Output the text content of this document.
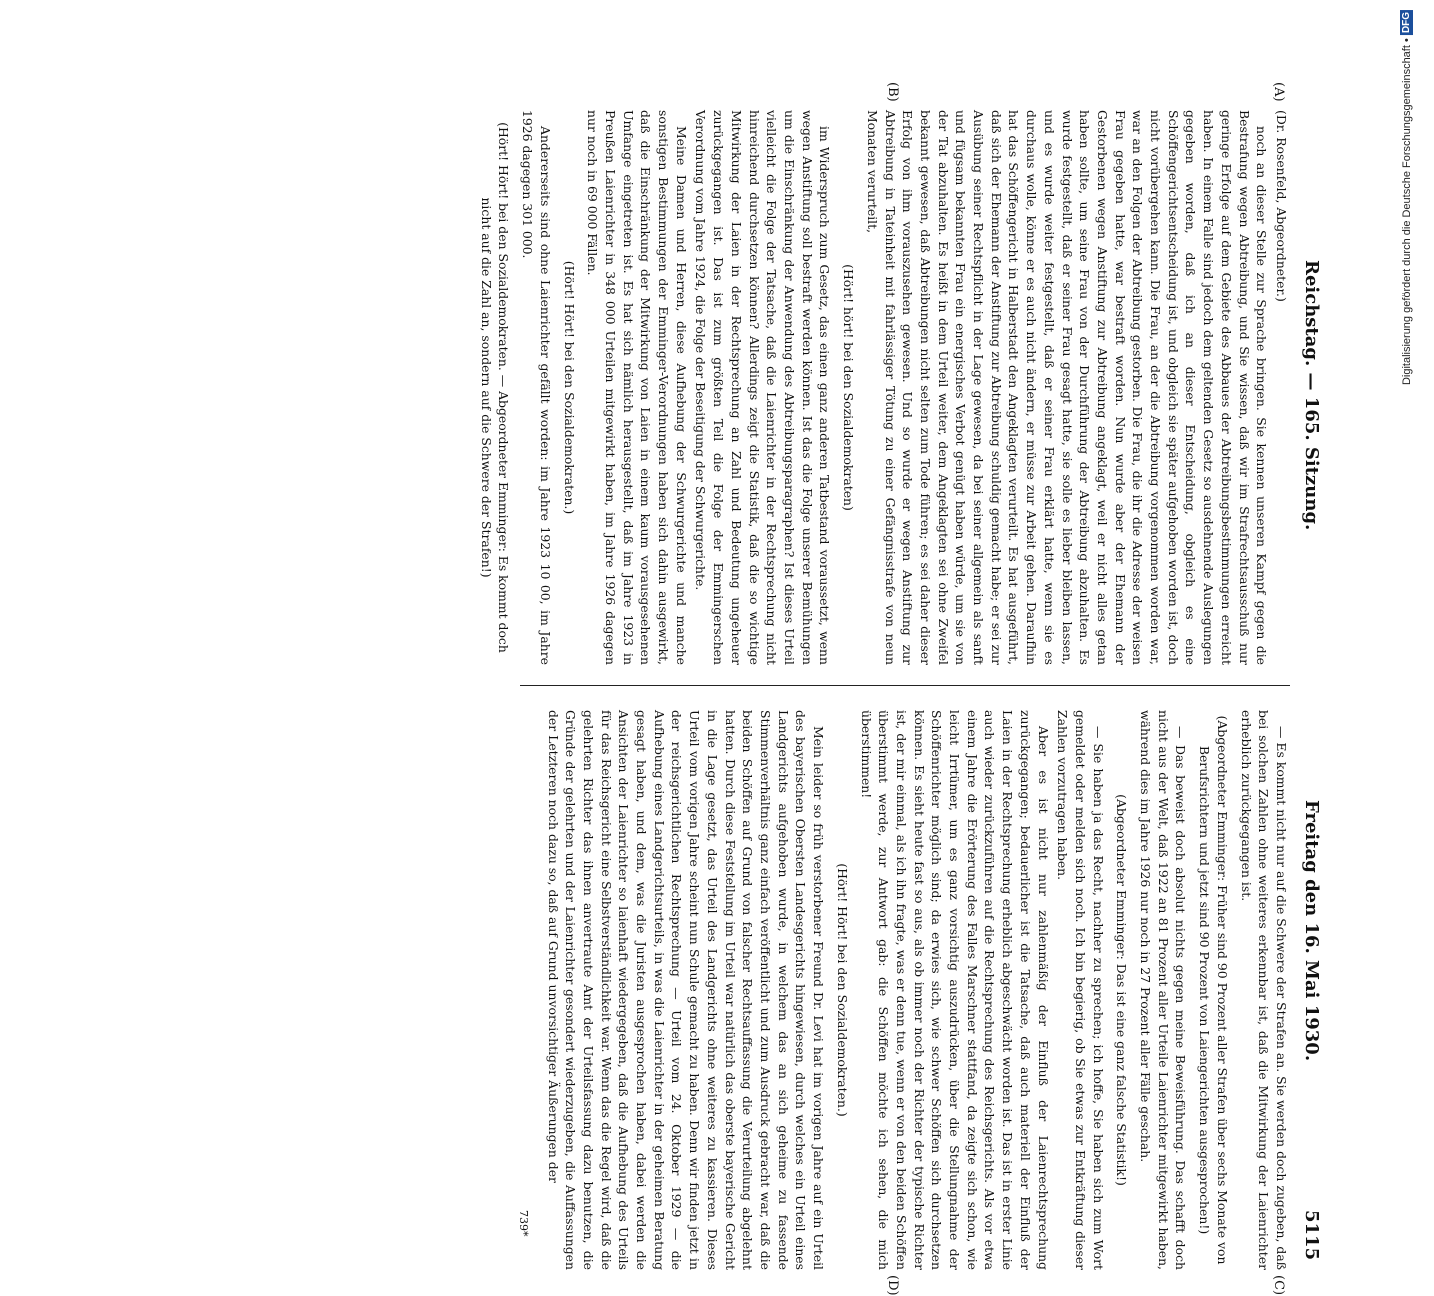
Digitalisierung gefördert durch die Deutsche Forschungsgemeinschaft • DFG
Reichstag. — 165. Sitzung.
Freitag den 16. Mai 1930.
5115
(A)
(B)
(C)
(D)

(Dr. Rosenfeld, Abgeordneter.)

noch an dieser Stelle zur Sprache bringen. Sie kennen unseren Kampf gegen die Bestrafung wegen Abtreibung, und Sie wissen, daß wir im Strafrechtsausschuß nur geringe Erfolge auf dem Gebiete des Abbaues der Abtreibungsbestimmungen erreicht haben. In einem Falle sind jedoch dem geltenden Gesetz so ausdehnende Auslegungen gegeben worden, daß ich an dieser Entscheidung, obgleich es eine Schöffengerichtsentscheidung ist, und obgleich sie später aufgehoben worden ist, doch nicht vorübergehen kann. Die Frau, an der die Abtreibung vorgenommen worden war, war an den Folgen der Abtreibung gestorben. Die Frau, die ihr die Adresse der weisen Frau gegeben hatte, war bestraft worden. Nun wurde aber der Ehemann der Gestorbenen wegen Anstiftung zur Abtreibung angeklagt, weil er nicht alles getan haben sollte, um seine Frau von der Durchführung der Abtreibung abzuhalten. Es wurde festgestellt, daß er seiner Frau gesagt hatte, sie solle es lieber bleiben lassen, und es wurde weiter festgestellt, daß er seiner Frau erklärt hatte, wenn sie es durchaus wolle, könne er es auch nicht ändern, er müsse zur Arbeit gehen. Daraufhin hat das Schöffengericht in Halberstadt den Angeklagten verurteilt. Es hat ausgeführt, daß sich der Ehemann der Anstiftung zur Abtreibung schuldig gemacht habe; er sei zur Ausübung seiner Rechtspflicht in der Lage gewesen, da bei seiner allgemein als sanft und fügsam bekannten Frau ein energisches Verbot genügt haben würde, um sie von der Tat abzuhalten. Es heißt in dem Urteil weiter, dem Angeklagten sei ohne Zweifel bekannt gewesen, daß Abtreibungen nicht selten zum Tode führen; es sei daher dieser Erfolg von ihm vorauszusehen gewesen. Und so wurde er wegen Anstiftung zur Abtreibung in Tateinheit mit fahrlässiger Tötung zu einer Gefängnisstrafe von neun Monaten verurteilt,

(Hört! hört! bei den Sozialdemokraten)

im Widerspruch zum Gesetz, das einen ganz anderen Tatbestand voraussetzt, wenn wegen Anstiftung soll bestraft werden können. Ist das die Folge unserer Bemühungen um die Einschränkung der Anwendung des Abtreibungsparagraphen? Ist dieses Urteil vielleicht die Folge der Tatsache, daß die Laienrichter in der Rechtsprechung nicht hinreichend durchsetzen können? Allerdings zeigt die Statistik, daß die so wichtige Mitwirkung der Laien in der Rechtsprechung an Zahl und Bedeutung ungeheuer zurückgegangen ist. Das ist zum größten Teil die Folge der Emmingerschen Verordnung vom Jahre 1924, die Folge der Beseitigung der Schwurgerichte.

Meine Damen und Herren, diese Aufhebung der Schwurgerichte und manche sonstigen Bestimmungen der Emminger-Verordnungen haben sich dahin ausgewirkt, daß die Einschränkung der Mitwirkung von Laien in einem kaum vorausgesehenen Umfange eingetreten ist. Es hat sich nämlich herausgestellt, daß im Jahre 1923 in Preußen Laienrichter in 348 000 Urteilen mitgewirkt haben, im Jahre 1926 dagegen nur noch in 69 000 Fällen.

(Hört! Hört! bei den Sozialdemokraten.)

Andererseits sind ohne Laienrichter gefällt worden: im Jahre 1923 10 00, im Jahre 1926 dagegen 301 000.

(Hört! Hört! bei den Sozialdemokraten. — Abgeordneter Emminger: Es kommt doch nicht auf die Zahl an, sondern auf die Schwere der Strafen!)

— Es kommt nicht nur auf die Schwere der Strafen an. Sie werden doch zugeben, daß bei solchen Zahlen ohne weiteres erkennbar ist, daß die Mitwirkung der Laienrichter erheblich zurückgegangen ist.

(Abgeordneter Emminger: Früher sind 90 Prozent aller Strafen über sechs Monate von Berufsrichtern und jetzt sind 90 Prozent von Laiengerichten ausgesprochen!)

— Das beweist doch absolut nichts gegen meine Beweisführung. Das schafft doch nicht aus der Welt, daß 1922 an 81 Prozent aller Urteile Laienrichter mitgewirkt haben, während dies im Jahre 1926 nur noch in 27 Prozent aller Fälle geschah.

(Abgeordneter Emminger: Das ist eine ganz falsche Statistik!)

— Sie haben ja das Recht, nachher zu sprechen; ich hoffe, Sie haben sich zum Wort gemeldet oder melden sich noch. Ich bin begierig, ob Sie etwas zur Entkräftung dieser Zahlen vorzutragen haben.

Aber es ist nicht nur zahlenmäßig der Einfluß der Laienrechtsprechung zurückgegangen; bedauerlicher ist die Tatsache, daß auch materiell der Einfluß der Laien in der Rechtsprechung erheblich abgeschwächt worden ist. Das ist in erster Linie auch wieder zurückzuführen auf die Rechtsprechung des Reichsgerichts. Als vor etwa einem Jahre die Erörterung des Falles Marschner stattfand, da zeigte sich schon, wie leicht Irrtümer, um es ganz vorsichtig auszudrücken, über die Stellungnahme der Schöffenrichter möglich sind; da erwies sich, wie schwer Schöffen sich durchsetzen können. Es sieht heute fast so aus, als ob immer noch der Richter der typische Richter ist, der mir einmal, als ich ihn fragte, was er denn tue, wenn er von den beiden Schöffen überstimmt werde, zur Antwort gab: die Schöffen möchte ich sehen, die mich überstimmen!

(Hört! Hört! bei den Sozialdemokraten.)

Mein leider so früh verstorbener Freund Dr. Levi hat im vorigen Jahre auf ein Urteil des bayerischen Obersten Landesgerichts hingewiesen, durch welches ein Urteil eines Landgerichts aufgehoben wurde, in welchem das an sich geheime zu fassende Stimmenverhältnis ganz einfach veröffentlicht und zum Ausdruck gebracht war, daß die beiden Schöffen auf Grund von falscher Rechtsauffassung die Verurteilung abgelehnt hatten. Durch diese Feststellung im Urteil war natürlich das oberste bayerische Gericht in die Lage gesetzt, das Urteil des Landgerichts ohne weiteres zu kassieren. Dieses Urteil vom vorigen Jahre scheint nun Schule gemacht zu haben. Denn wir finden jetzt in der reichsgerichtlichen Rechtsprechung — Urteil vom 24. Oktober 1929 — die Aufhebung eines Landgerichtsurteils, in was die Laienrichter in der geheimen Beratung gesagt haben, und dem, was die Juristen ausgesprochen haben, dabei werden die Ansichten der Laienrichter so laienhaft wiedergegeben, daß die Aufhebung des Urteils für das Reichsgericht eine Selbstverständlichkeit war. Wenn das die Regel wird, daß die gelehrten Richter das ihnen anvertraute Amt der Urteilsfassung dazu benutzen, die Gründe der gelehrten und der Laienrichter gesondert wiederzugeben, die Auffassungen der Letzteren noch dazu so, daß auf Grund unvorsichtiger Äußerungen der

739*
